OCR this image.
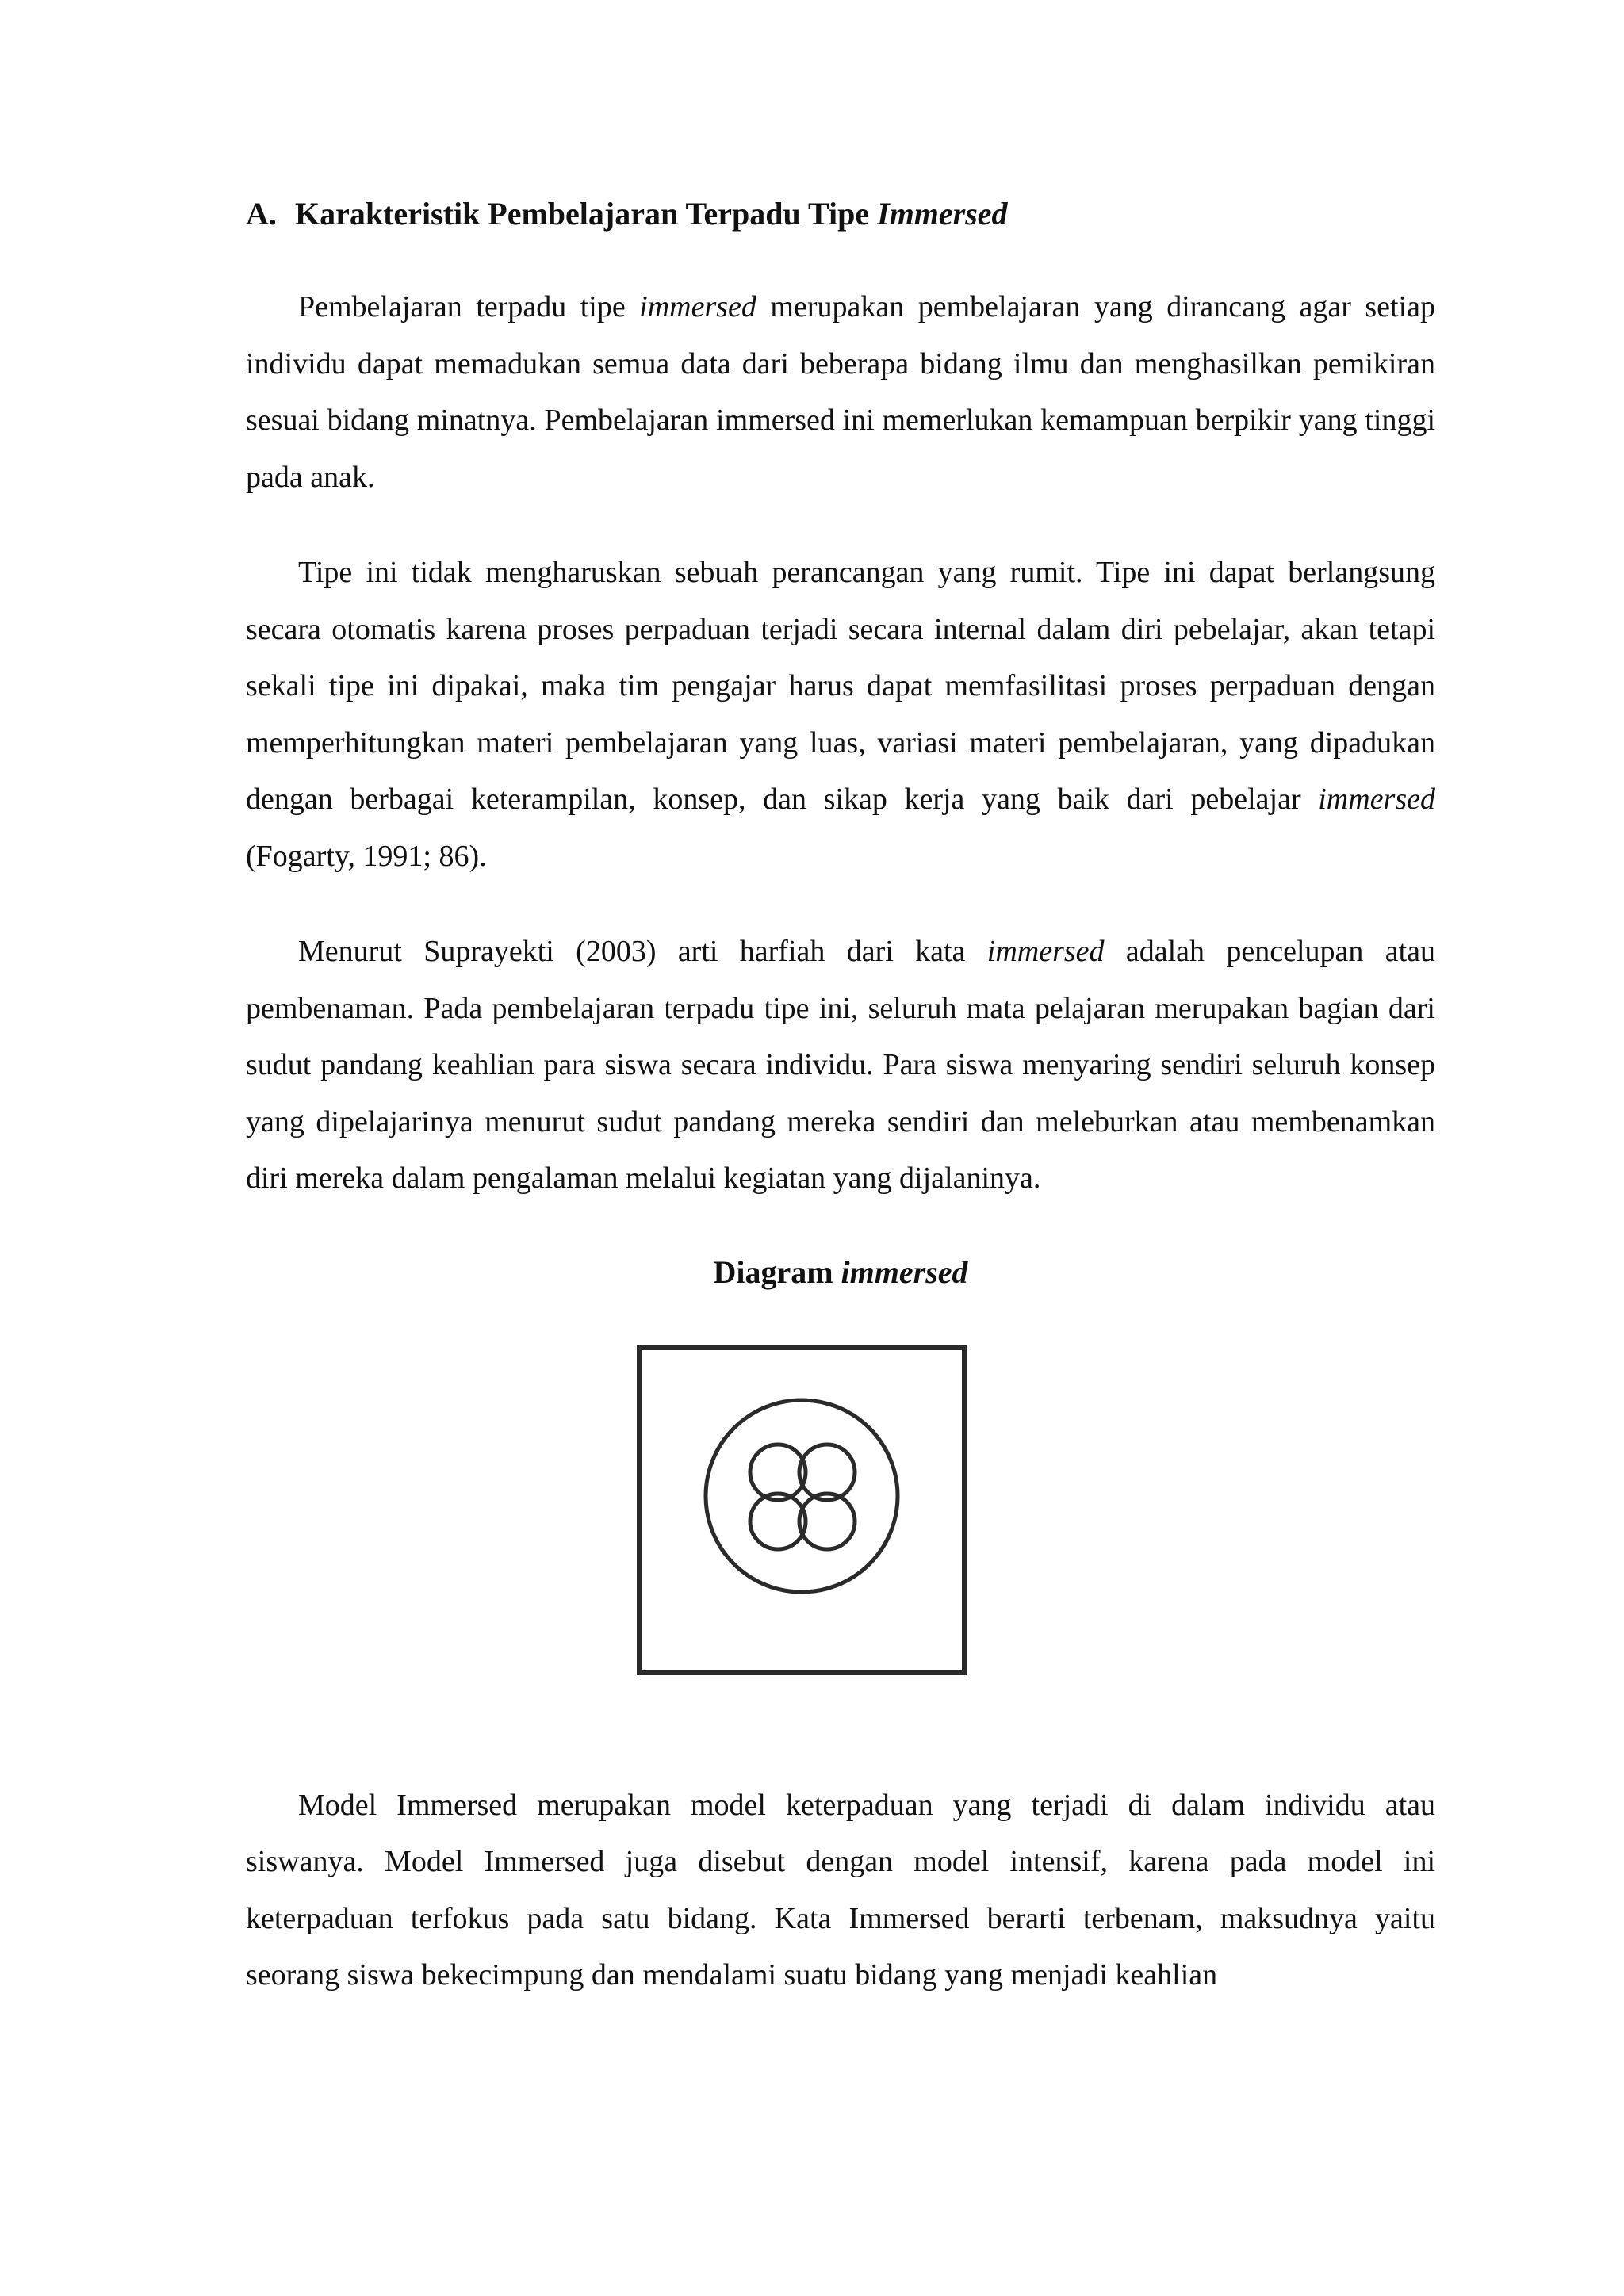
A. Karakteristik Pembelajaran Terpadu Tipe Immersed

Pembelajaran terpadu tipe immersed merupakan pembelajaran yang dirancang agar setiap individu dapat memadukan semua data dari beberapa bidang ilmu dan menghasilkan pemikiran sesuai bidang minatnya. Pembelajaran immersed ini memerlukan kemampuan berpikir yang tinggi pada anak.

Tipe ini tidak mengharuskan sebuah perancangan yang rumit. Tipe ini dapat berlangsung secara otomatis karena proses perpaduan terjadi secara internal dalam diri pebelajar, akan tetapi sekali tipe ini dipakai, maka tim pengajar harus dapat memfasilitasi proses perpaduan dengan memperhitungkan materi pembelajaran yang luas, variasi materi pembelajaran, yang dipadukan dengan berbagai keterampilan, konsep, dan sikap kerja yang baik dari pebelajar immersed (Fogarty, 1991; 86).

Menurut Suprayekti (2003) arti harfiah dari kata immersed adalah pencelupan atau pembenaman. Pada pembelajaran terpadu tipe ini, seluruh mata pelajaran merupakan bagian dari sudut pandang keahlian para siswa secara individu. Para siswa menyaring sendiri seluruh konsep yang dipelajarinya menurut sudut pandang mereka sendiri dan meleburkan atau membenamkan diri mereka dalam pengalaman melalui kegiatan yang dijalaninya.

Diagram immersed

Model Immersed merupakan model keterpaduan yang terjadi di dalam individu atau siswanya. Model Immersed juga disebut dengan model intensif, karena pada model ini keterpaduan terfokus pada satu bidang. Kata Immersed berarti terbenam, maksudnya yaitu seorang siswa bekecimpung dan mendalami suatu bidang yang menjadi keahlian
